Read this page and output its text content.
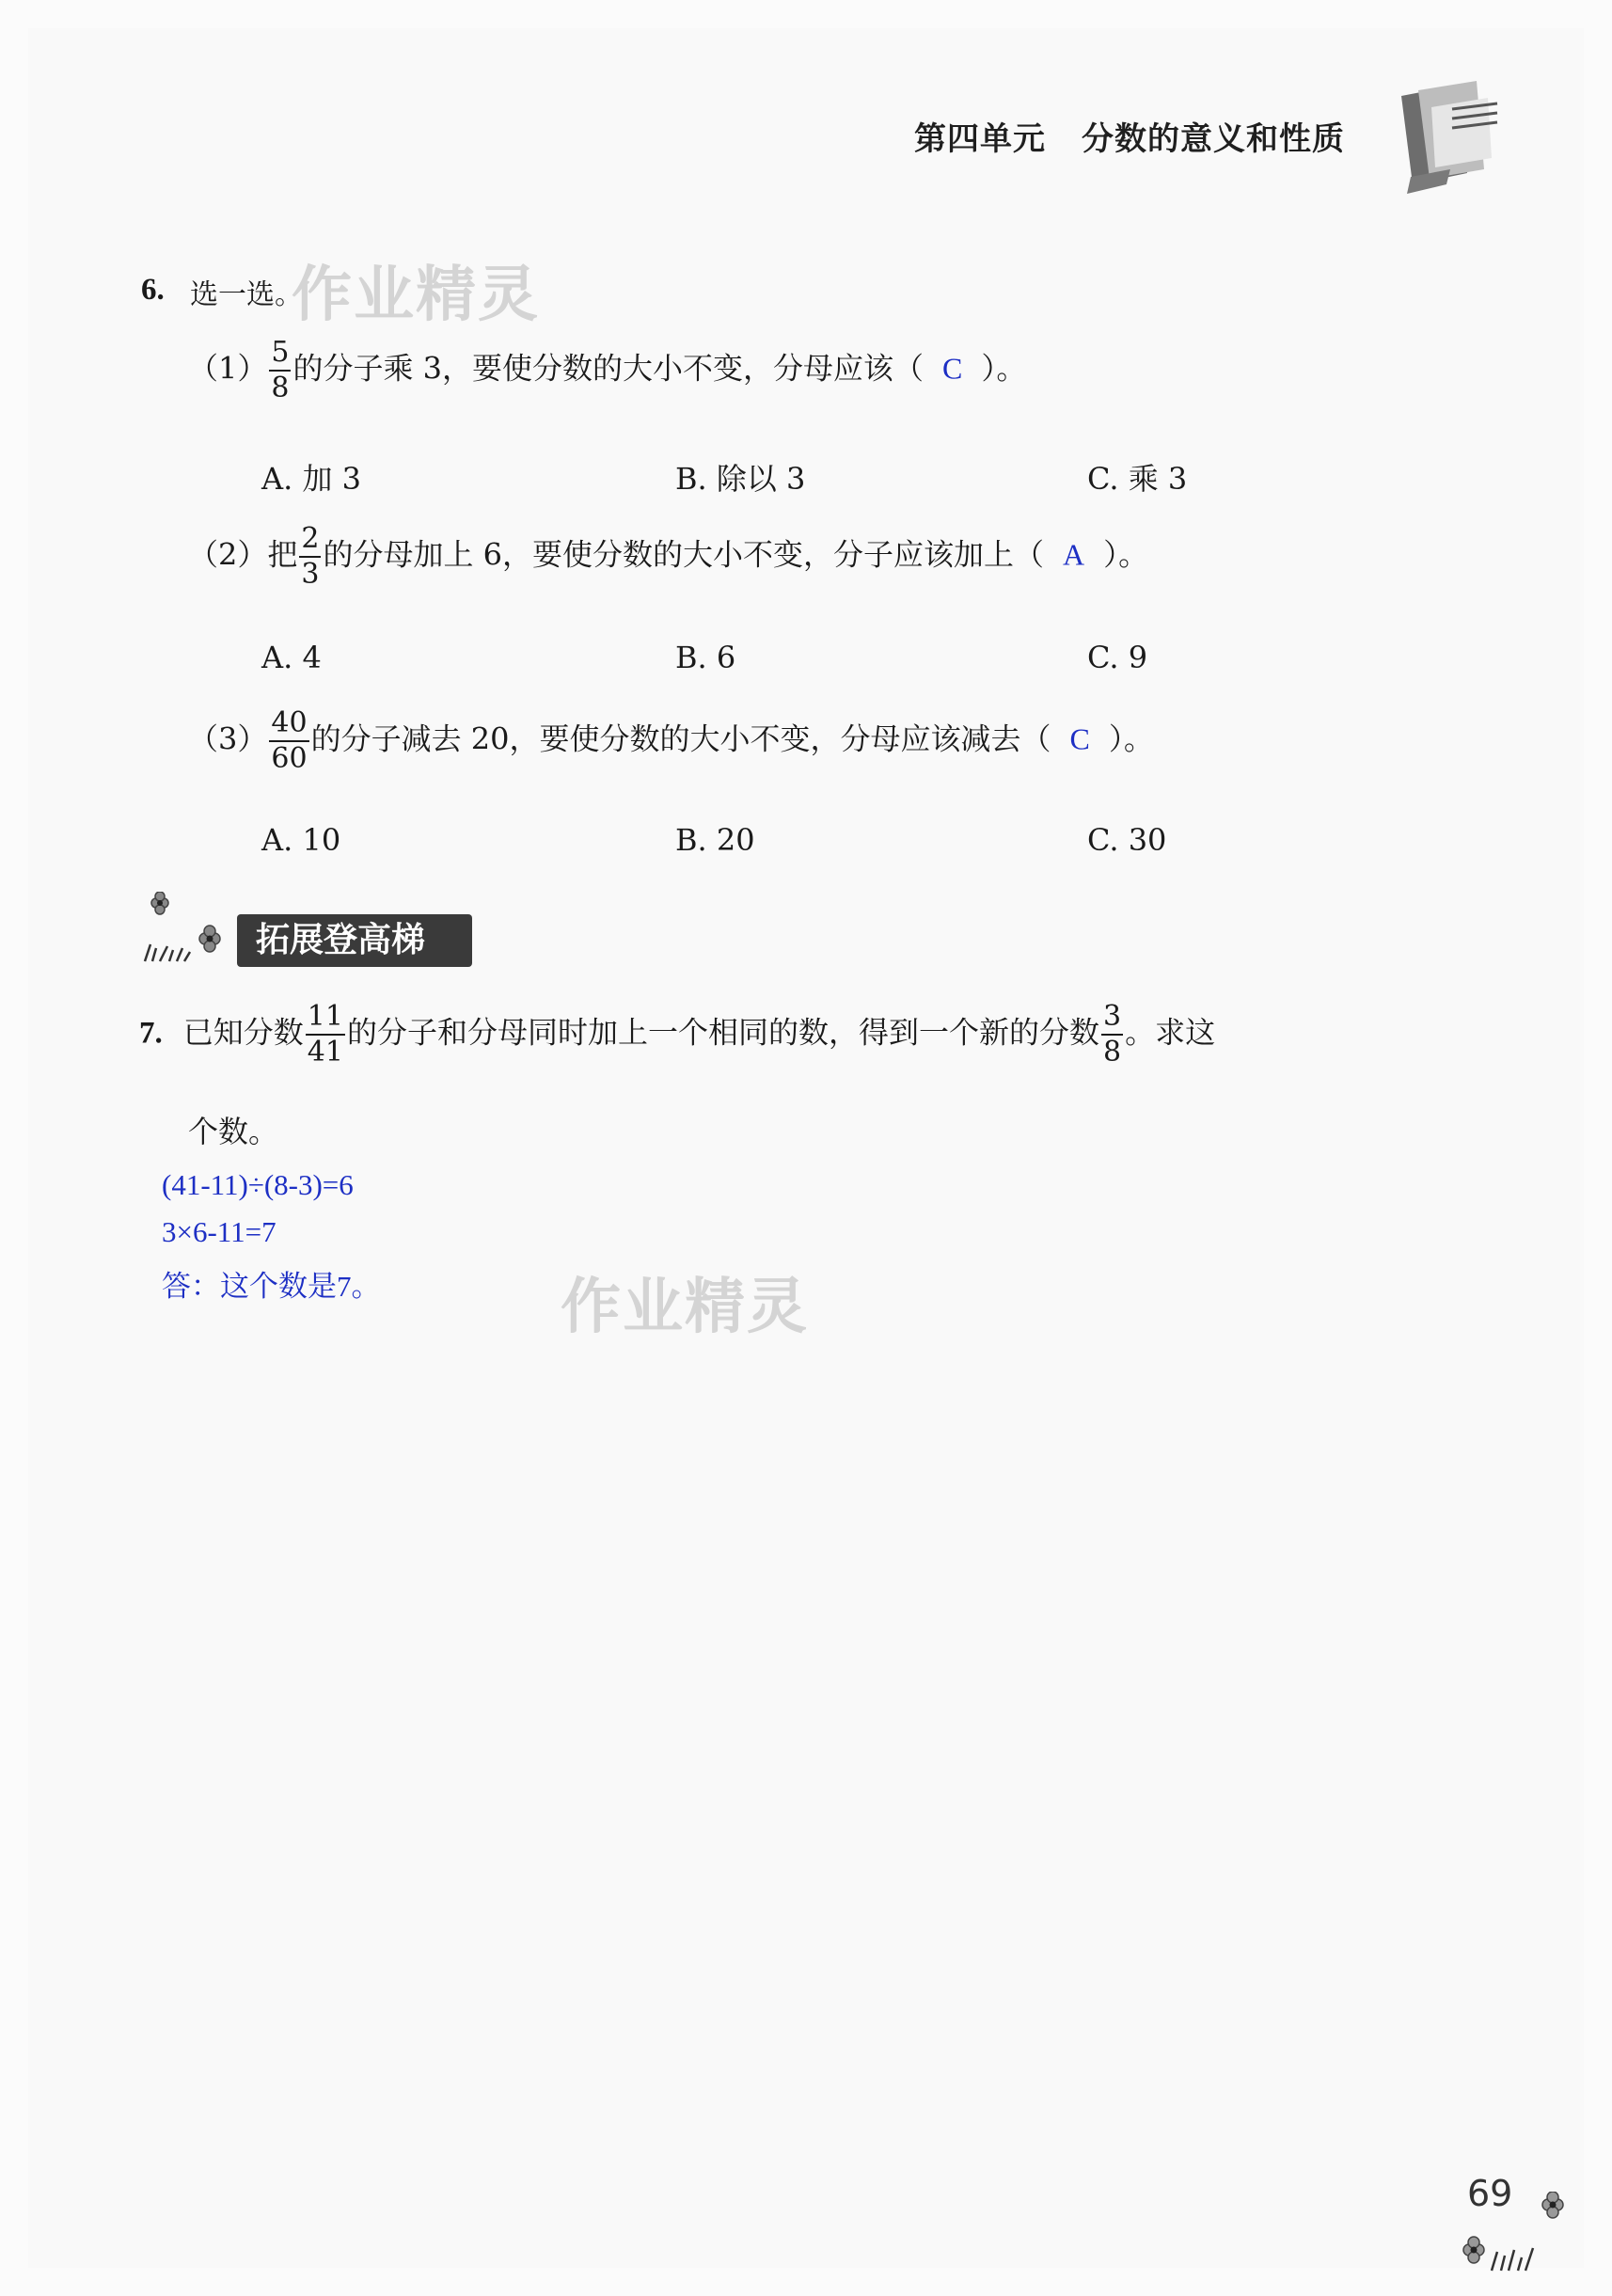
第四单元 分数的意义和性质
6. 选一选。
作业精灵
$(1) \frac{5}{8}$ 的分子乘 3，要使分数的大小不变，分母应该（ C ）。
A. 加 3	B. 除以 3	C. 乘 3
（2）把 $\frac{2}{3}$ 的分母加上 6，要使分数的大小不变，分子应该加上（ A ）。
A. 4	B. 6	C. 9
$(3) \frac{40}{60}$ 的分子减去 20，要使分数的大小不变，分母应该减去（ C ）。
A. 10	B. 20	C. 30
拓展登高梯
7. 已知分数 $\frac{11}{41}$ 的分子和分母同时加上一个相同的数，得到一个新的分数 $\frac{3}{8}$ 。求这
个数。
(41-11)÷(8-3)=6
3×6-11=7
答：这个数是7。	作业精灵
69
